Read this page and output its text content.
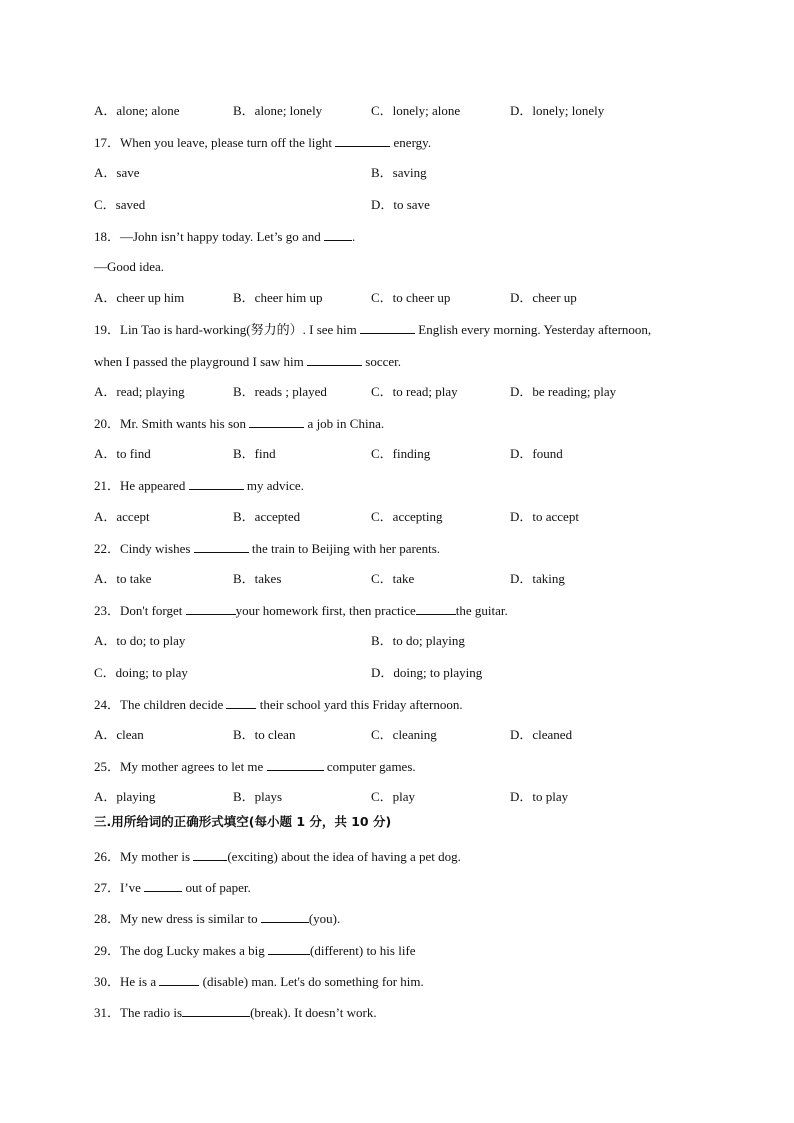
A．alone; alone	B．alone; lonely	C．lonely; alone	D．lonely; lonely
17．When you leave, please turn off the light	energy.
A．save	B．saving
C．saved	D．to save
18．—John isn’t happy today. Let’s go and .
—Good idea.
A．cheer up him	B．cheer him up	C．to cheer up	D．cheer up
19．Lin Tao is hard-working(努力的）. I see him	English every morning. Yesterday afternoon,
when I passed the playground I saw him	soccer.
A．read; playing	B．reads ; played	C．to read; play	D．be reading; play
20．Mr. Smith wants his son	a job in China.
A．to find	B．find	C．finding	D．found
21．He appeared	my advice.
A．accept	B．accepted	C．accepting	D．to accept
22．Cindy wishes	the train to Beijing with her parents.
A．to take	B．takes	C．take	D．taking
23．Don't forget	your homework first, then practice	the guitar.
A．to do; to play	B．to do; playing
C．doing; to play	D．doing; to playing
24．The children decide  their school yard this Friday afternoon.
A．clean	B．to clean	C．cleaning	D．cleaned
25．My mother agrees to let me	computer games.
A．playing	B．plays	C．play	D．to play
三.用所给词的正确形式填空(每小题 1 分，共 10 分)
26．My mother is	(exciting) about the idea of having a pet dog.
27．I’ve	out of paper.
28．My new dress is similar to	(you).
29．The dog Lucky makes a big	(different) to his life
30．He is a	(disable) man. Let's do something for him.
31．The radio is	(break). It doesn’t work.
